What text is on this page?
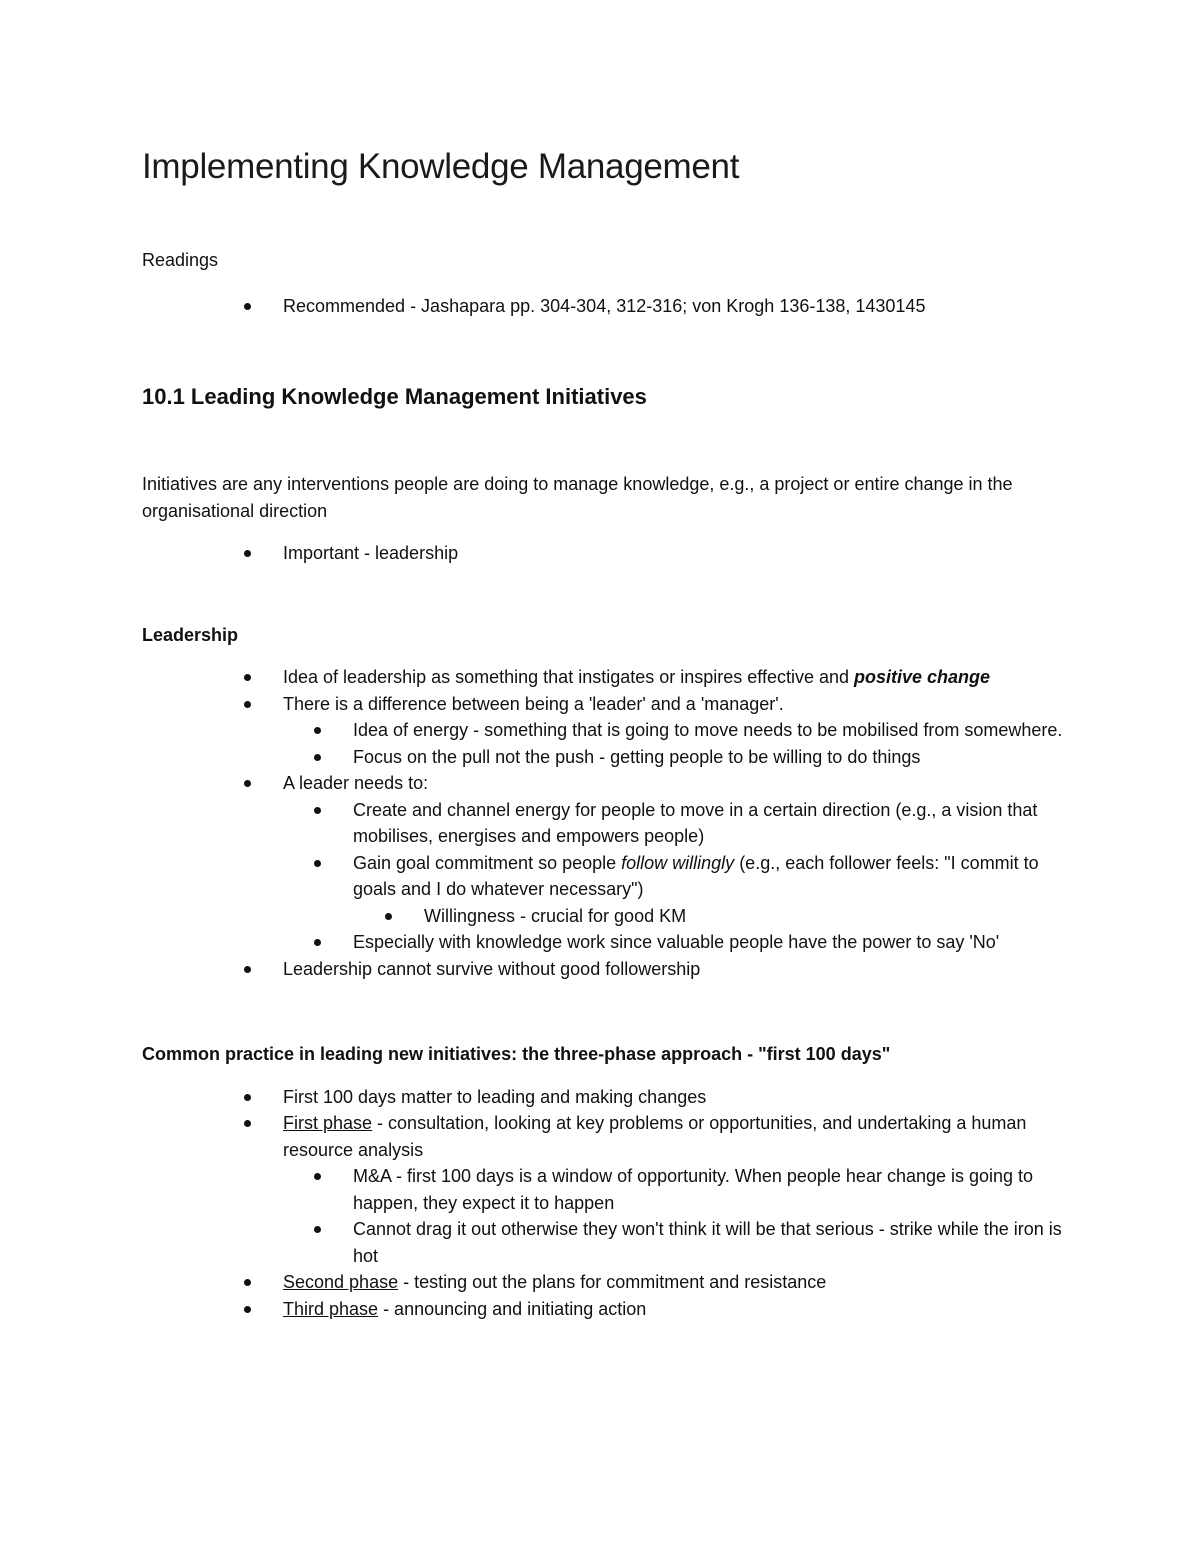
Implementing Knowledge Management

Readings

Recommended - Jashapara pp. 304-304, 312-316; von Krogh 136-138, 1430145
10.1 Leading Knowledge Management Initiatives

Initiatives are any interventions people are doing to manage knowledge, e.g., a project or entire change in the organisational direction

Important - leadership

Leadership

Idea of leadership as something that instigates or inspires effective and positive change
There is a difference between being a 'leader' and a 'manager'.
Idea of energy - something that is going to move needs to be mobilised from somewhere.
Focus on the pull not the push - getting people to be willing to do things
A leader needs to:
Create and channel energy for people to move in a certain direction (e.g., a vision that mobilises, energises and empowers people)
Gain goal commitment so people follow willingly (e.g., each follower feels: "I commit to goals and I do whatever necessary")
Willingness - crucial for good KM
Especially with knowledge work since valuable people have the power to say 'No'
Leadership cannot survive without good followership

Common practice in leading new initiatives: the three-phase approach - "first 100 days"

First 100 days matter to leading and making changes
First phase - consultation, looking at key problems or opportunities, and undertaking a human resource analysis
M&A - first 100 days is a window of opportunity. When people hear change is going to happen, they expect it to happen
Cannot drag it out otherwise they won't think it will be that serious - strike while the iron is hot
Second phase - testing out the plans for commitment and resistance
Third phase - announcing and initiating action
